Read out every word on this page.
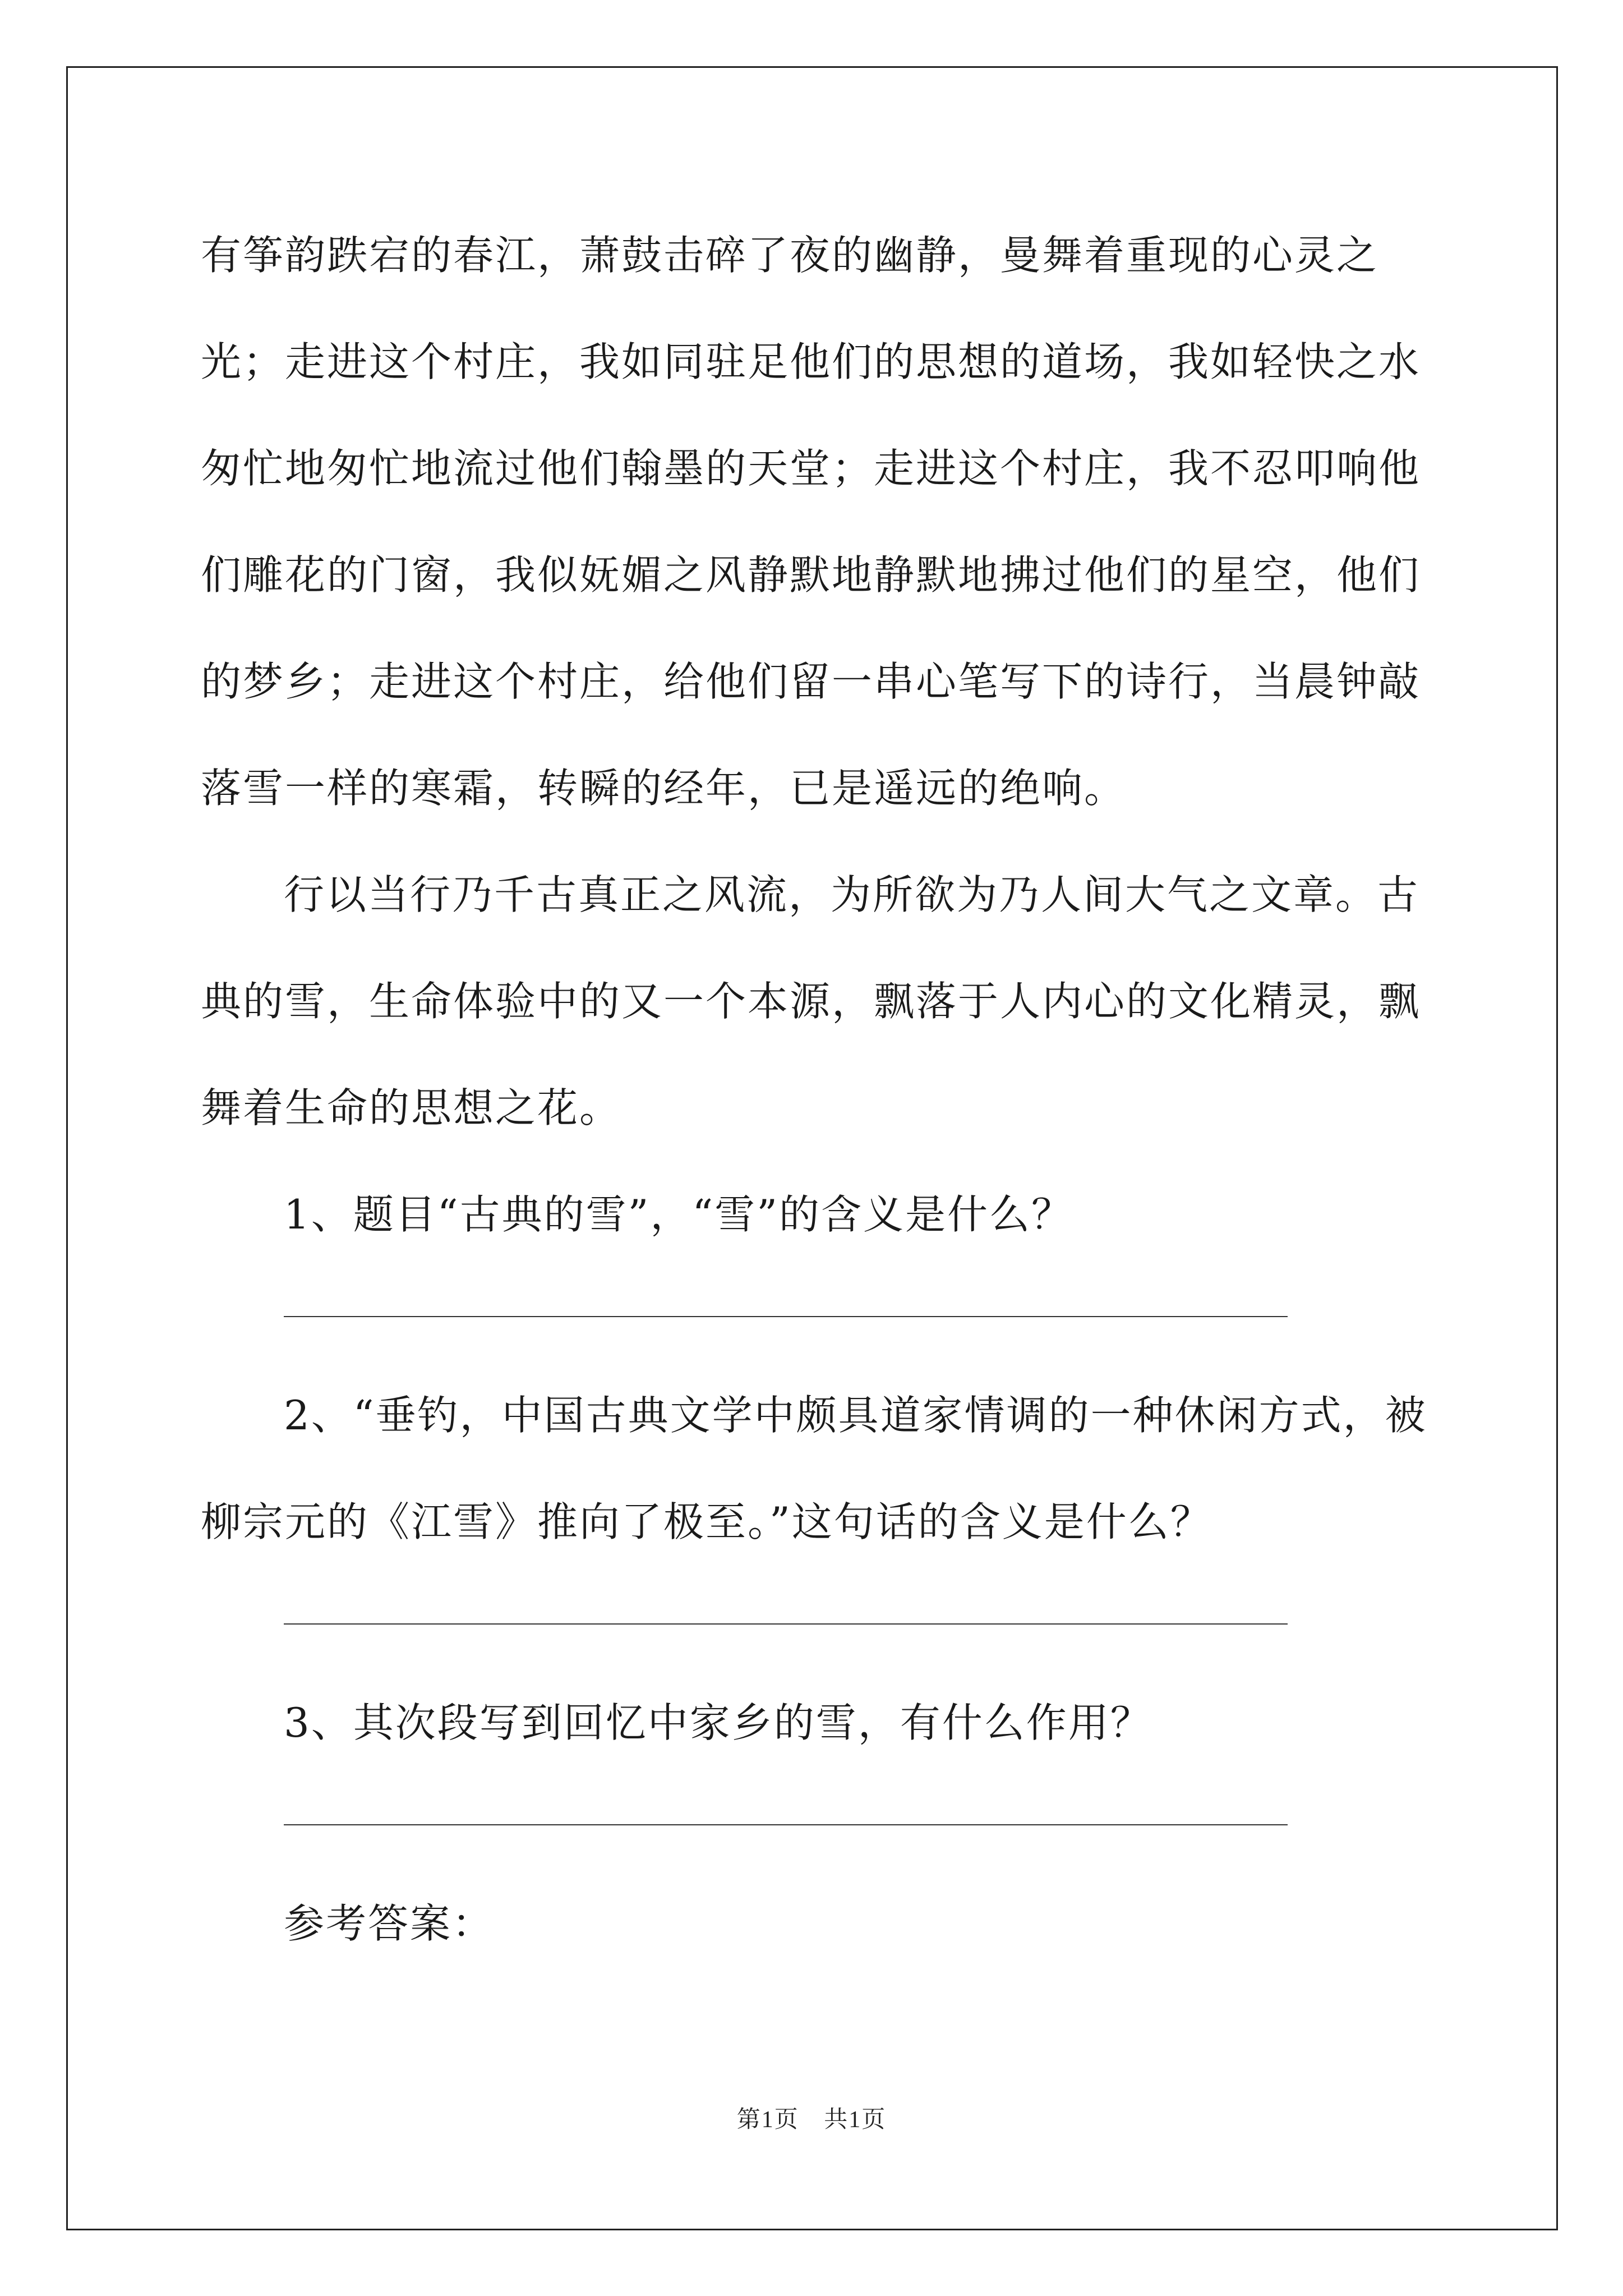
有筝韵跌宕的春江，萧鼓击碎了夜的幽静，曼舞着重现的心灵之光；走进这个村庄，我如同驻足他们的思想的道场，我如轻快之水匆忙地匆忙地流过他们翰墨的天堂；走进这个村庄，我不忍叩响他们雕花的门窗，我似妩媚之风静默地静默地拂过他们的星空，他们的梦乡；走进这个村庄，给他们留一串心笔写下的诗行，当晨钟敲落雪一样的寒霜，转瞬的经年，已是遥远的绝响。

行以当行乃千古真正之风流，为所欲为乃人间大气之文章。古典的雪，生命体验中的又一个本源，飘落于人内心的文化精灵，飘舞着生命的思想之花。

1、题目“古典的雪”，“雪”的含义是什么？

2、“垂钓，中国古典文学中颇具道家情调的一种休闲方式，被柳宗元的《江雪》推向了极至。”这句话的含义是什么？

3、其次段写到回忆中家乡的雪，有什么作用？

参考答案：

第1页 共1页
